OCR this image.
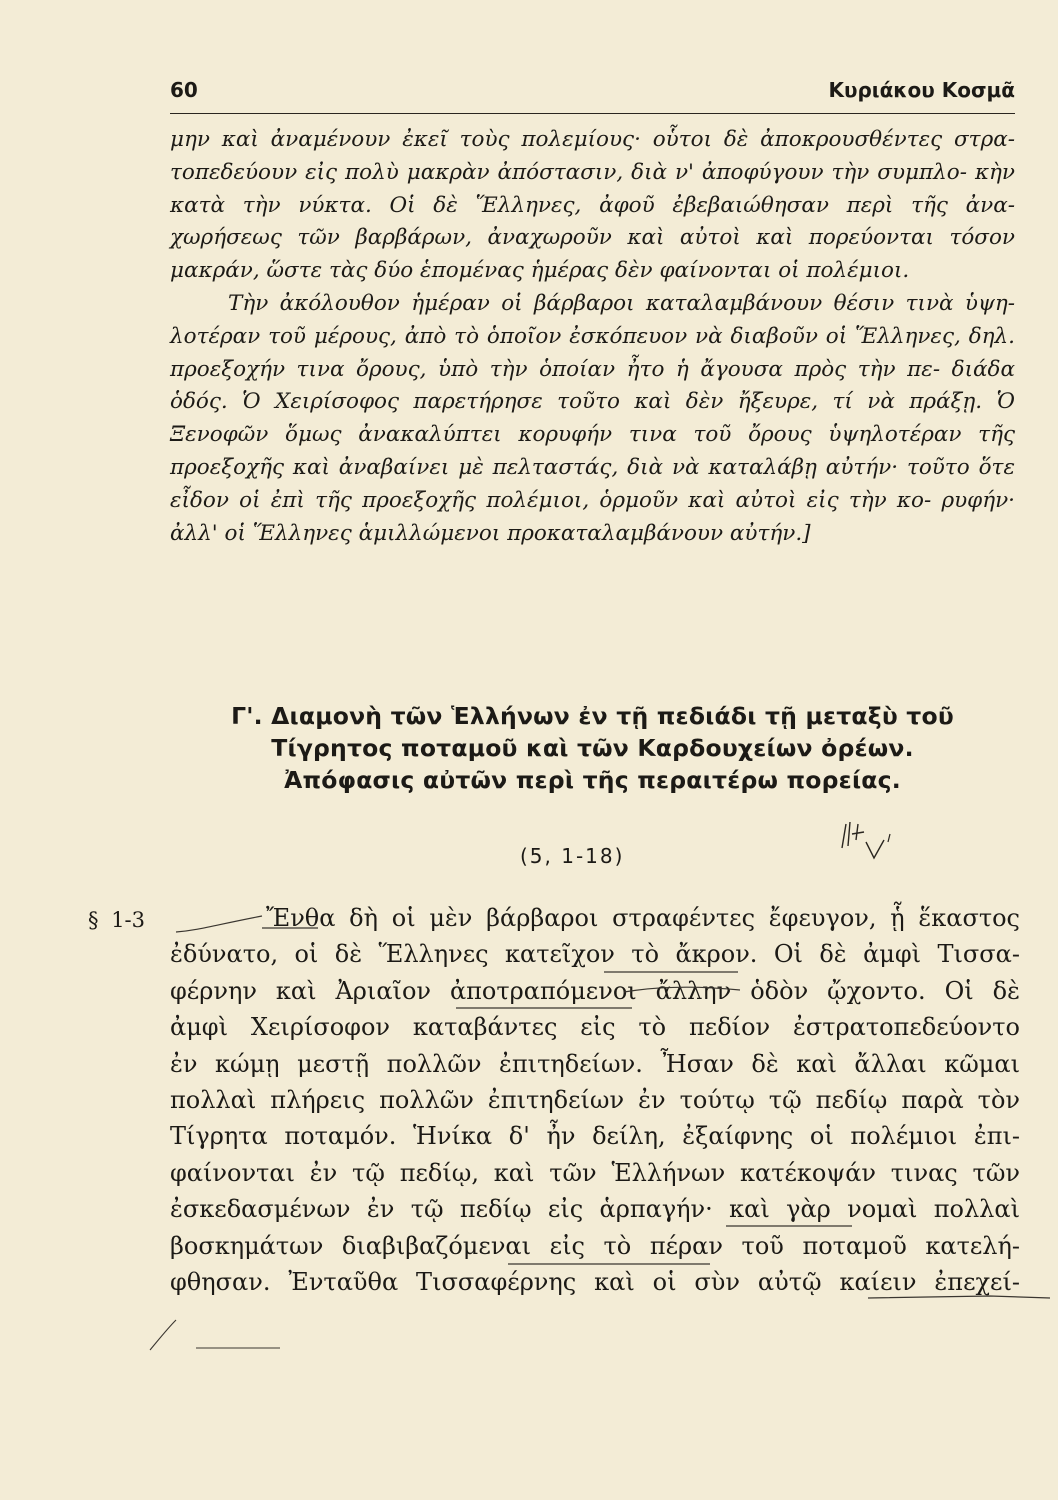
60	Κυριάκου Κοσμᾶ

μην καὶ ἀναμένουν ἐκεῖ τοὺς πολεμίους· οὗτοι δὲ ἀποκρουσθέντες στρα- τοπεδεύουν εἰς πολὺ μακρὰν ἀπόστασιν, διὰ ν' ἀποφύγουν τὴν συμπλο- κὴν κατὰ τὴν νύκτα. Οἱ δὲ Ἕλληνες, ἀφοῦ ἐβεβαιώθησαν περὶ τῆς ἀνα- χωρήσεως τῶν βαρβάρων, ἀναχωροῦν καὶ αὐτοὶ καὶ πορεύονται τόσον μακράν, ὥστε τὰς δύο ἑπομένας ἡμέρας δὲν φαίνονται οἱ πολέμιοι.

Τὴν ἀκόλουθον ἡμέραν οἱ βάρβαροι καταλαμβάνουν θέσιν τινὰ ὑψη- λοτέραν τοῦ μέρους, ἀπὸ τὸ ὁποῖον ἐσκόπευον νὰ διαβοῦν οἱ Ἕλληνες, δηλ. προεξοχήν τινα ὄρους, ὑπὸ τὴν ὁποίαν ἦτο ἡ ἄγουσα πρὸς τὴν πε- διάδα ὁδός. Ὁ Χειρίσοφος παρετήρησε τοῦτο καὶ δὲν ἤξευρε, τί νὰ πράξῃ. Ὁ Ξενοφῶν ὅμως ἀνακαλύπτει κορυφήν τινα τοῦ ὄρους ὑψηλοτέραν τῆς προεξοχῆς καὶ ἀναβαίνει μὲ πελταστάς, διὰ νὰ καταλάβῃ αὐτήν· τοῦτο ὅτε εἶδον οἱ ἐπὶ τῆς προεξοχῆς πολέμιοι, ὁρμοῦν καὶ αὐτοὶ εἰς τὴν κο- ρυφήν· ἀλλ' οἱ Ἕλληνες ἁμιλλώμενοι προκαταλαμβάνουν αὐτήν.]

Γ'. Διαμονὴ τῶν Ἑλλήνων ἐν τῇ πεδιάδι τῇ μεταξὺ τοῦ
Τίγρητος ποταμοῦ καὶ τῶν Καρδουχείων ὀρέων.
Ἀπόφασις αὐτῶν περὶ τῆς περαιτέρω πορείας.
(5, 1-18)
§ 1-3	Ἔνθα δὴ οἱ μὲν βάρβαροι στραφέντες ἔφευγον, ᾗ ἕκαστος
ἐδύνατο, οἱ δὲ Ἕλληνες κατεῖχον τὸ ἄκρον. Οἱ δὲ ἀμφὶ Τισσα-
φέρνην καὶ Ἀριαῖον ἀποτραπόμενοι ἄλλην ὁδὸν ᾤχοντο. Οἱ δὲ
ἀμφὶ Χειρίσοφον καταβάντες εἰς τὸ πεδίον ἐστρατοπεδεύοντο
ἐν κώμῃ μεστῇ πολλῶν ἐπιτηδείων. Ἦσαν δὲ καὶ ἄλλαι κῶμαι
πολλαὶ πλήρεις πολλῶν ἐπιτηδείων ἐν τούτῳ τῷ πεδίῳ παρὰ τὸν
Τίγρητα ποταμόν. Ἡνίκα δ' ἦν δείλη, ἐξαίφνης οἱ πολέμιοι ἐπι-
φαίνονται ἐν τῷ πεδίῳ, καὶ τῶν Ἑλλήνων κατέκοψάν τινας τῶν
ἐσκεδασμένων ἐν τῷ πεδίῳ εἰς ἁρπαγήν· καὶ γὰρ νομαὶ πολλαὶ
βοσκημάτων διαβιβαζόμεναι εἰς τὸ πέραν τοῦ ποταμοῦ κατελή-
φθησαν. Ἐνταῦθα Τισσαφέρνης καὶ οἱ σὺν αὐτῷ καίειν ἐπεχεί-
